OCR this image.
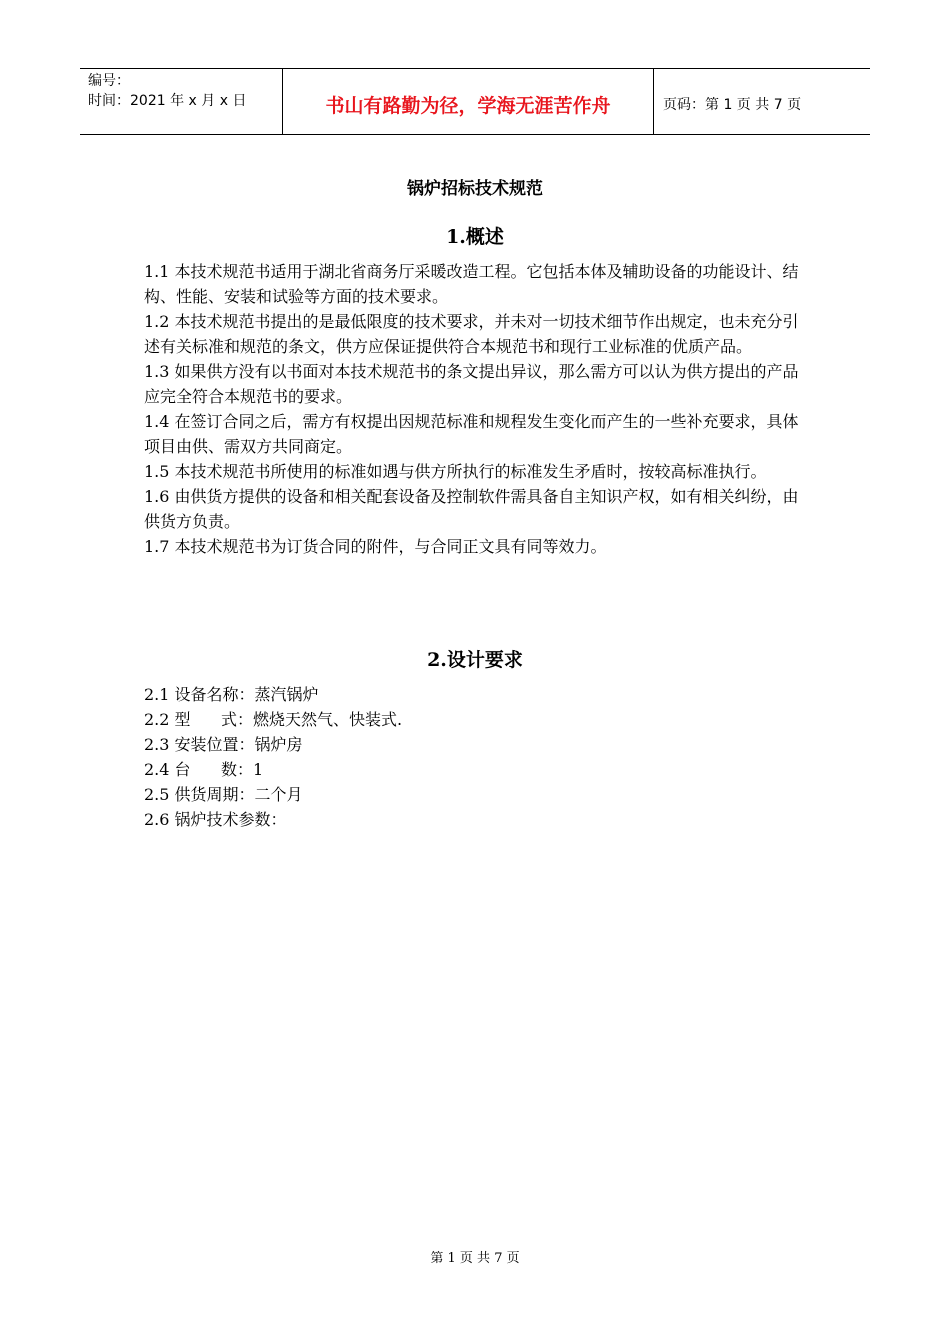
编号：
时间：2021 年 x 月 x 日	书山有路勤为径，学海无涯苦作舟	页码：第 1 页 共 7 页
锅炉招标技术规范
1.概述

1.1 本技术规范书适用于湖北省商务厅采暖改造工程。它包括本体及辅助设备的功能设计、结构、性能、安装和试验等方面的技术要求。

1.2 本技术规范书提出的是最低限度的技术要求，并未对一切技术细节作出规定，也未充分引述有关标准和规范的条文，供方应保证提供符合本规范书和现行工业标准的优质产品。

1.3 如果供方没有以书面对本技术规范书的条文提出异议，那么需方可以认为供方提出的产品应完全符合本规范书的要求。

1.4 在签订合同之后，需方有权提出因规范标准和规程发生变化而产生的一些补充要求，具体项目由供、需双方共同商定。

1.5 本技术规范书所使用的标准如遇与供方所执行的标准发生矛盾时，按较高标准执行。

1.6 由供货方提供的设备和相关配套设备及控制软件需具备自主知识产权，如有相关纠纷，由供货方负责。

1.7 本技术规范书为订货合同的附件，与合同正文具有同等效力。

2.设计要求
2.1 设备名称：蒸汽锅炉
2.2 型      式：燃烧天然气、快装式.
2.3 安装位置：锅炉房
2.4 台      数：1
2.5 供货周期：二个月
2.6 锅炉技术参数：
第 1 页 共 7 页
